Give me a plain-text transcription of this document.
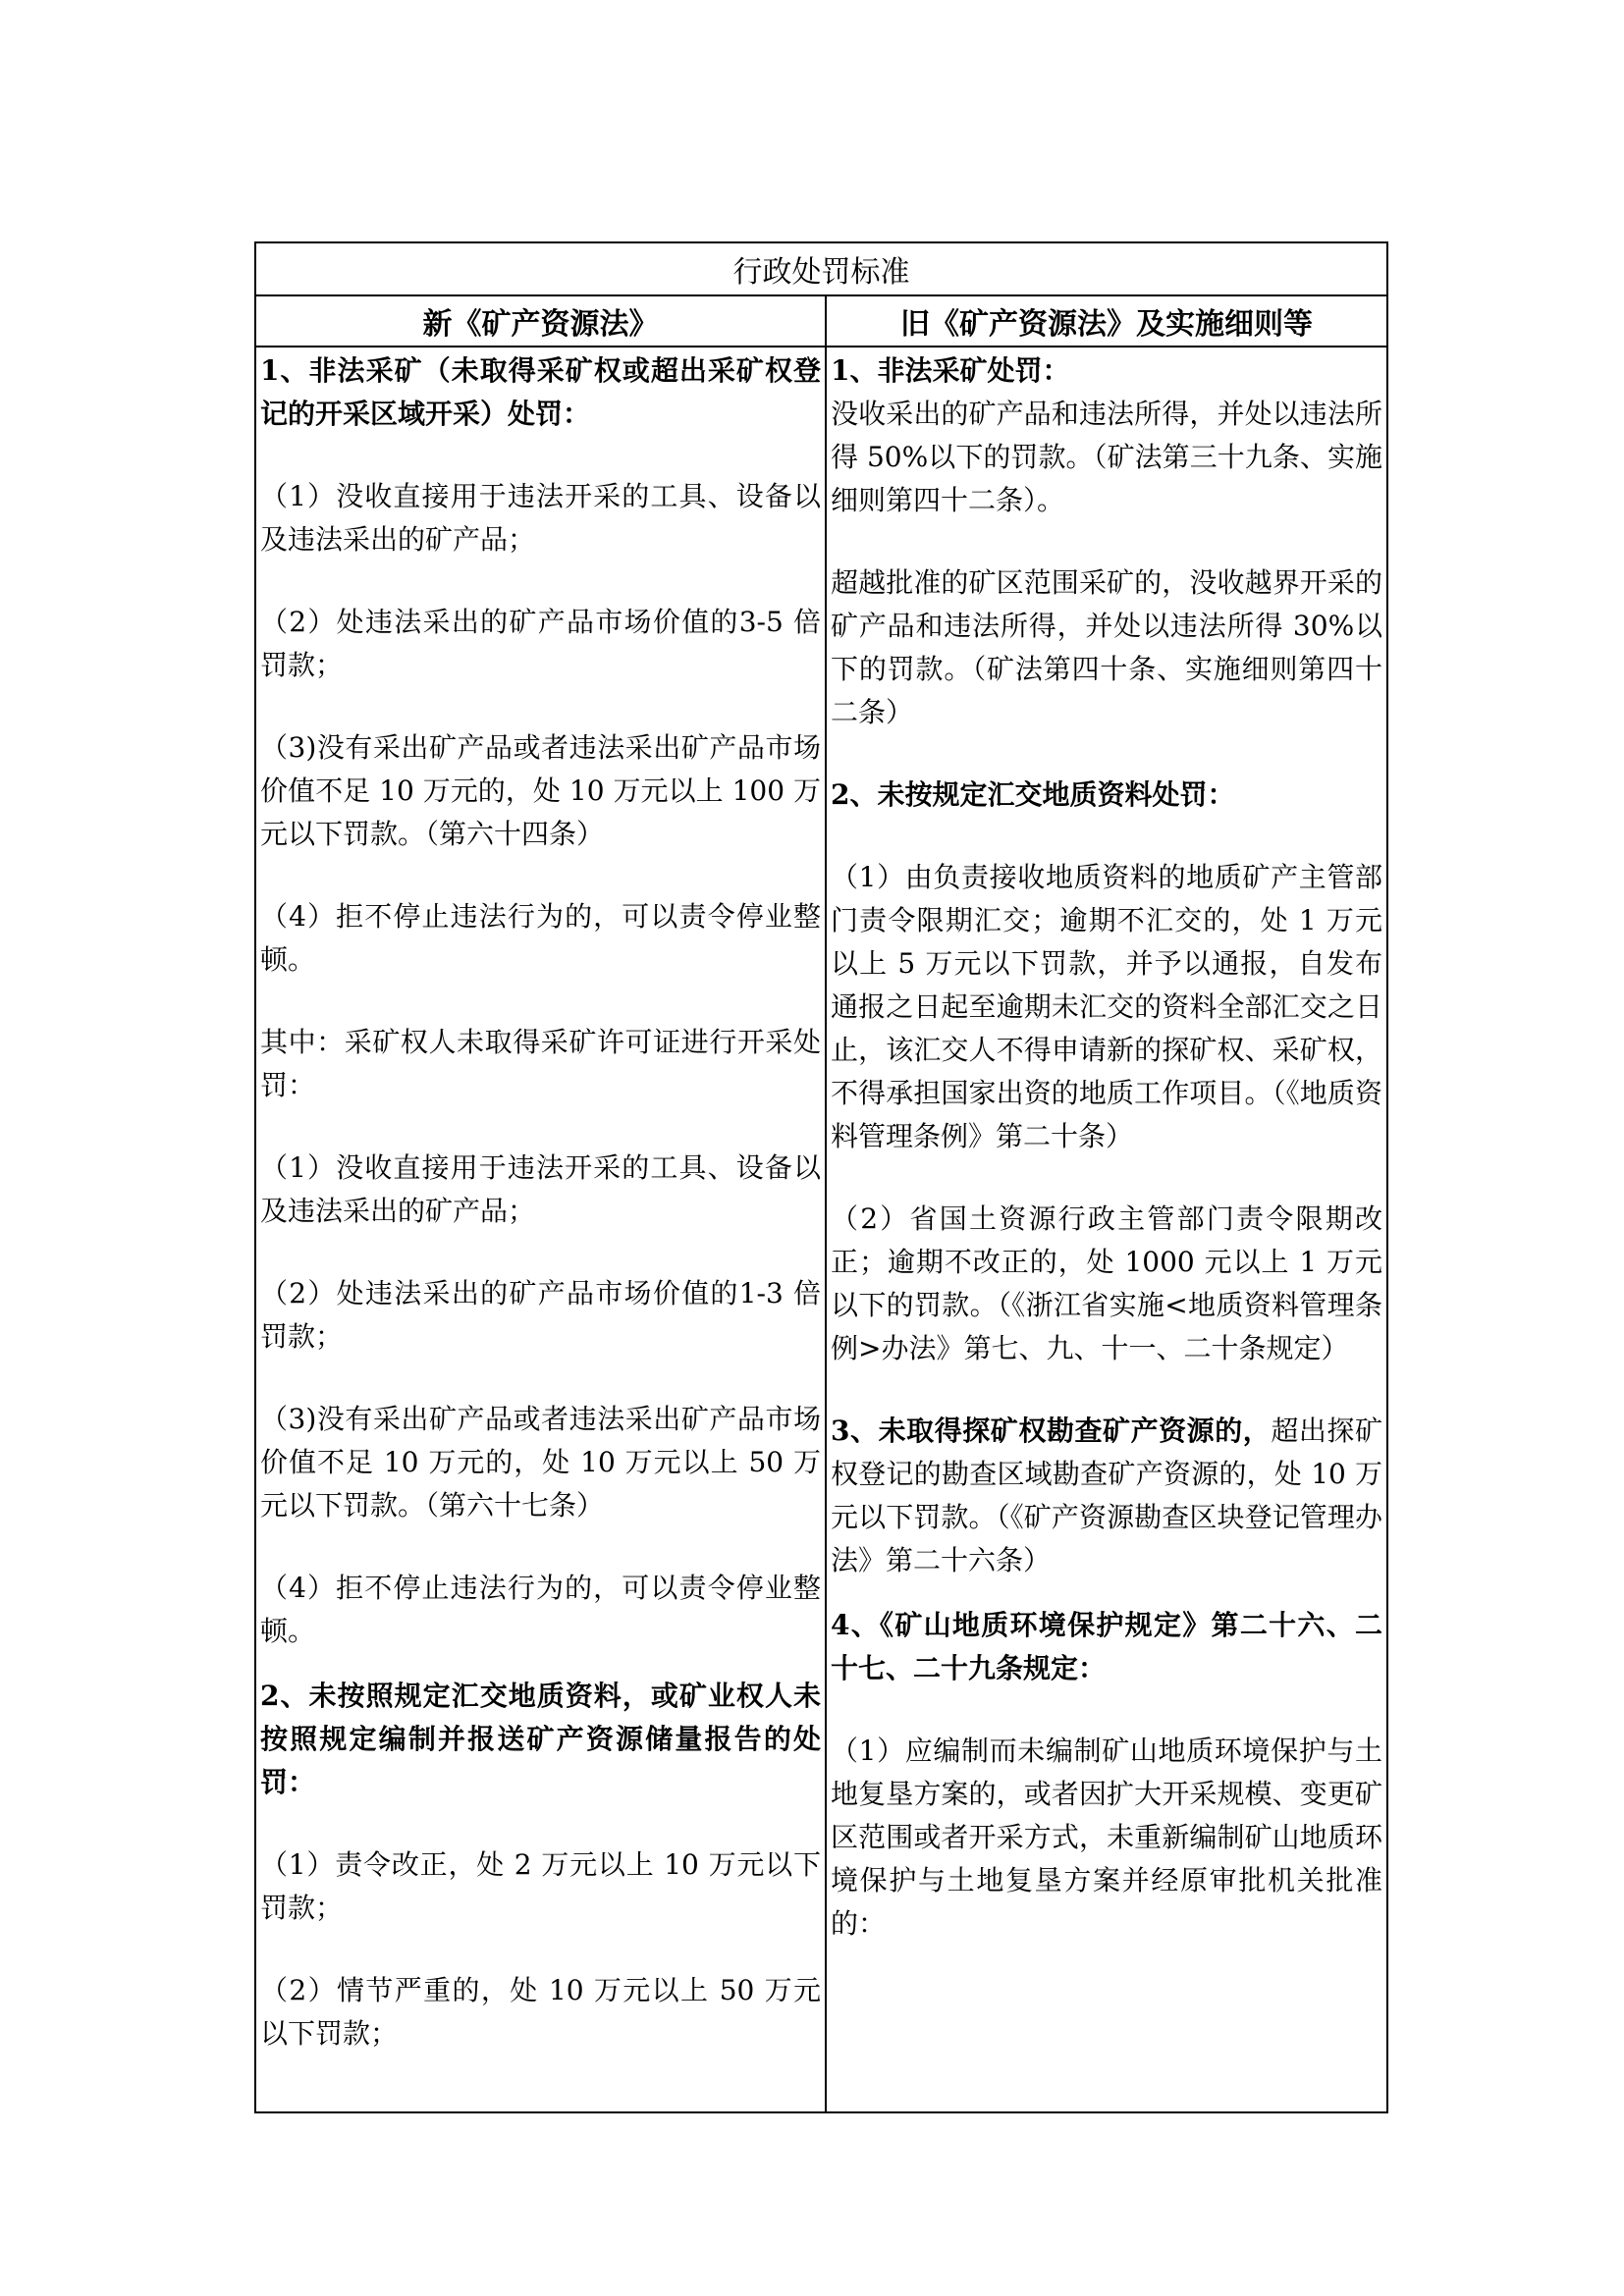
行政处罚标准
新《矿产资源法》	旧《矿产资源法》及实施细则等

1、非法采矿（未取得采矿权或超出采矿权登记的开采区域开采）处罚：

（1）没收直接用于违法开采的工具、设备以及违法采出的矿产品；

（2）处违法采出的矿产品市场价值的3-5 倍罚款；

（3)没有采出矿产品或者违法采出矿产品市场价值不足 10 万元的，处 10 万元以上 100 万元以下罚款。（第六十四条）

（4）拒不停止违法行为的，可以责令停业整顿。

其中：采矿权人未取得采矿许可证进行开采处罚：

（1）没收直接用于违法开采的工具、设备以及违法采出的矿产品；

（2）处违法采出的矿产品市场价值的1-3 倍罚款；

（3)没有采出矿产品或者违法采出矿产品市场价值不足 10 万元的，处 10 万元以上 50 万元以下罚款。（第六十七条）

（4）拒不停止违法行为的，可以责令停业整顿。

2、未按照规定汇交地质资料，或矿业权人未按照规定编制并报送矿产资源储量报告的处罚：

（1）责令改正，处 2 万元以上 10 万元以下罚款；

（2）情节严重的，处 10 万元以上 50 万元以下罚款；

1、非法采矿处罚：

没收采出的矿产品和违法所得，并处以违法所得 50%以下的罚款。（矿法第三十九条、实施细则第四十二条）。

超越批准的矿区范围采矿的，没收越界开采的矿产品和违法所得，并处以违法所得 30%以下的罚款。（矿法第四十条、实施细则第四十二条）

2、未按规定汇交地质资料处罚：

（1）由负责接收地质资料的地质矿产主管部门责令限期汇交；逾期不汇交的，处 1 万元以上 5 万元以下罚款，并予以通报，自发布通报之日起至逾期未汇交的资料全部汇交之日止，该汇交人不得申请新的探矿权、采矿权，不得承担国家出资的地质工作项目。（《地质资料管理条例》第二十条）

（2）省国土资源行政主管部门责令限期改正；逾期不改正的，处 1000 元以上 1 万元以下的罚款。（《浙江省实施<地质资料管理条例>办法》第七、九、十一、二十条规定）

3、未取得探矿权勘查矿产资源的，超出探矿权登记的勘查区域勘查矿产资源的，处 10 万元以下罚款。（《矿产资源勘查区块登记管理办法》第二十六条）

4、《矿山地质环境保护规定》第二十六、二十七、二十九条规定：

（1）应编制而未编制矿山地质环境保护与土地复垦方案的，或者因扩大开采规模、变更矿区范围或者开采方式，未重新编制矿山地质环境保护与土地复垦方案并经原审批机关批准的：
